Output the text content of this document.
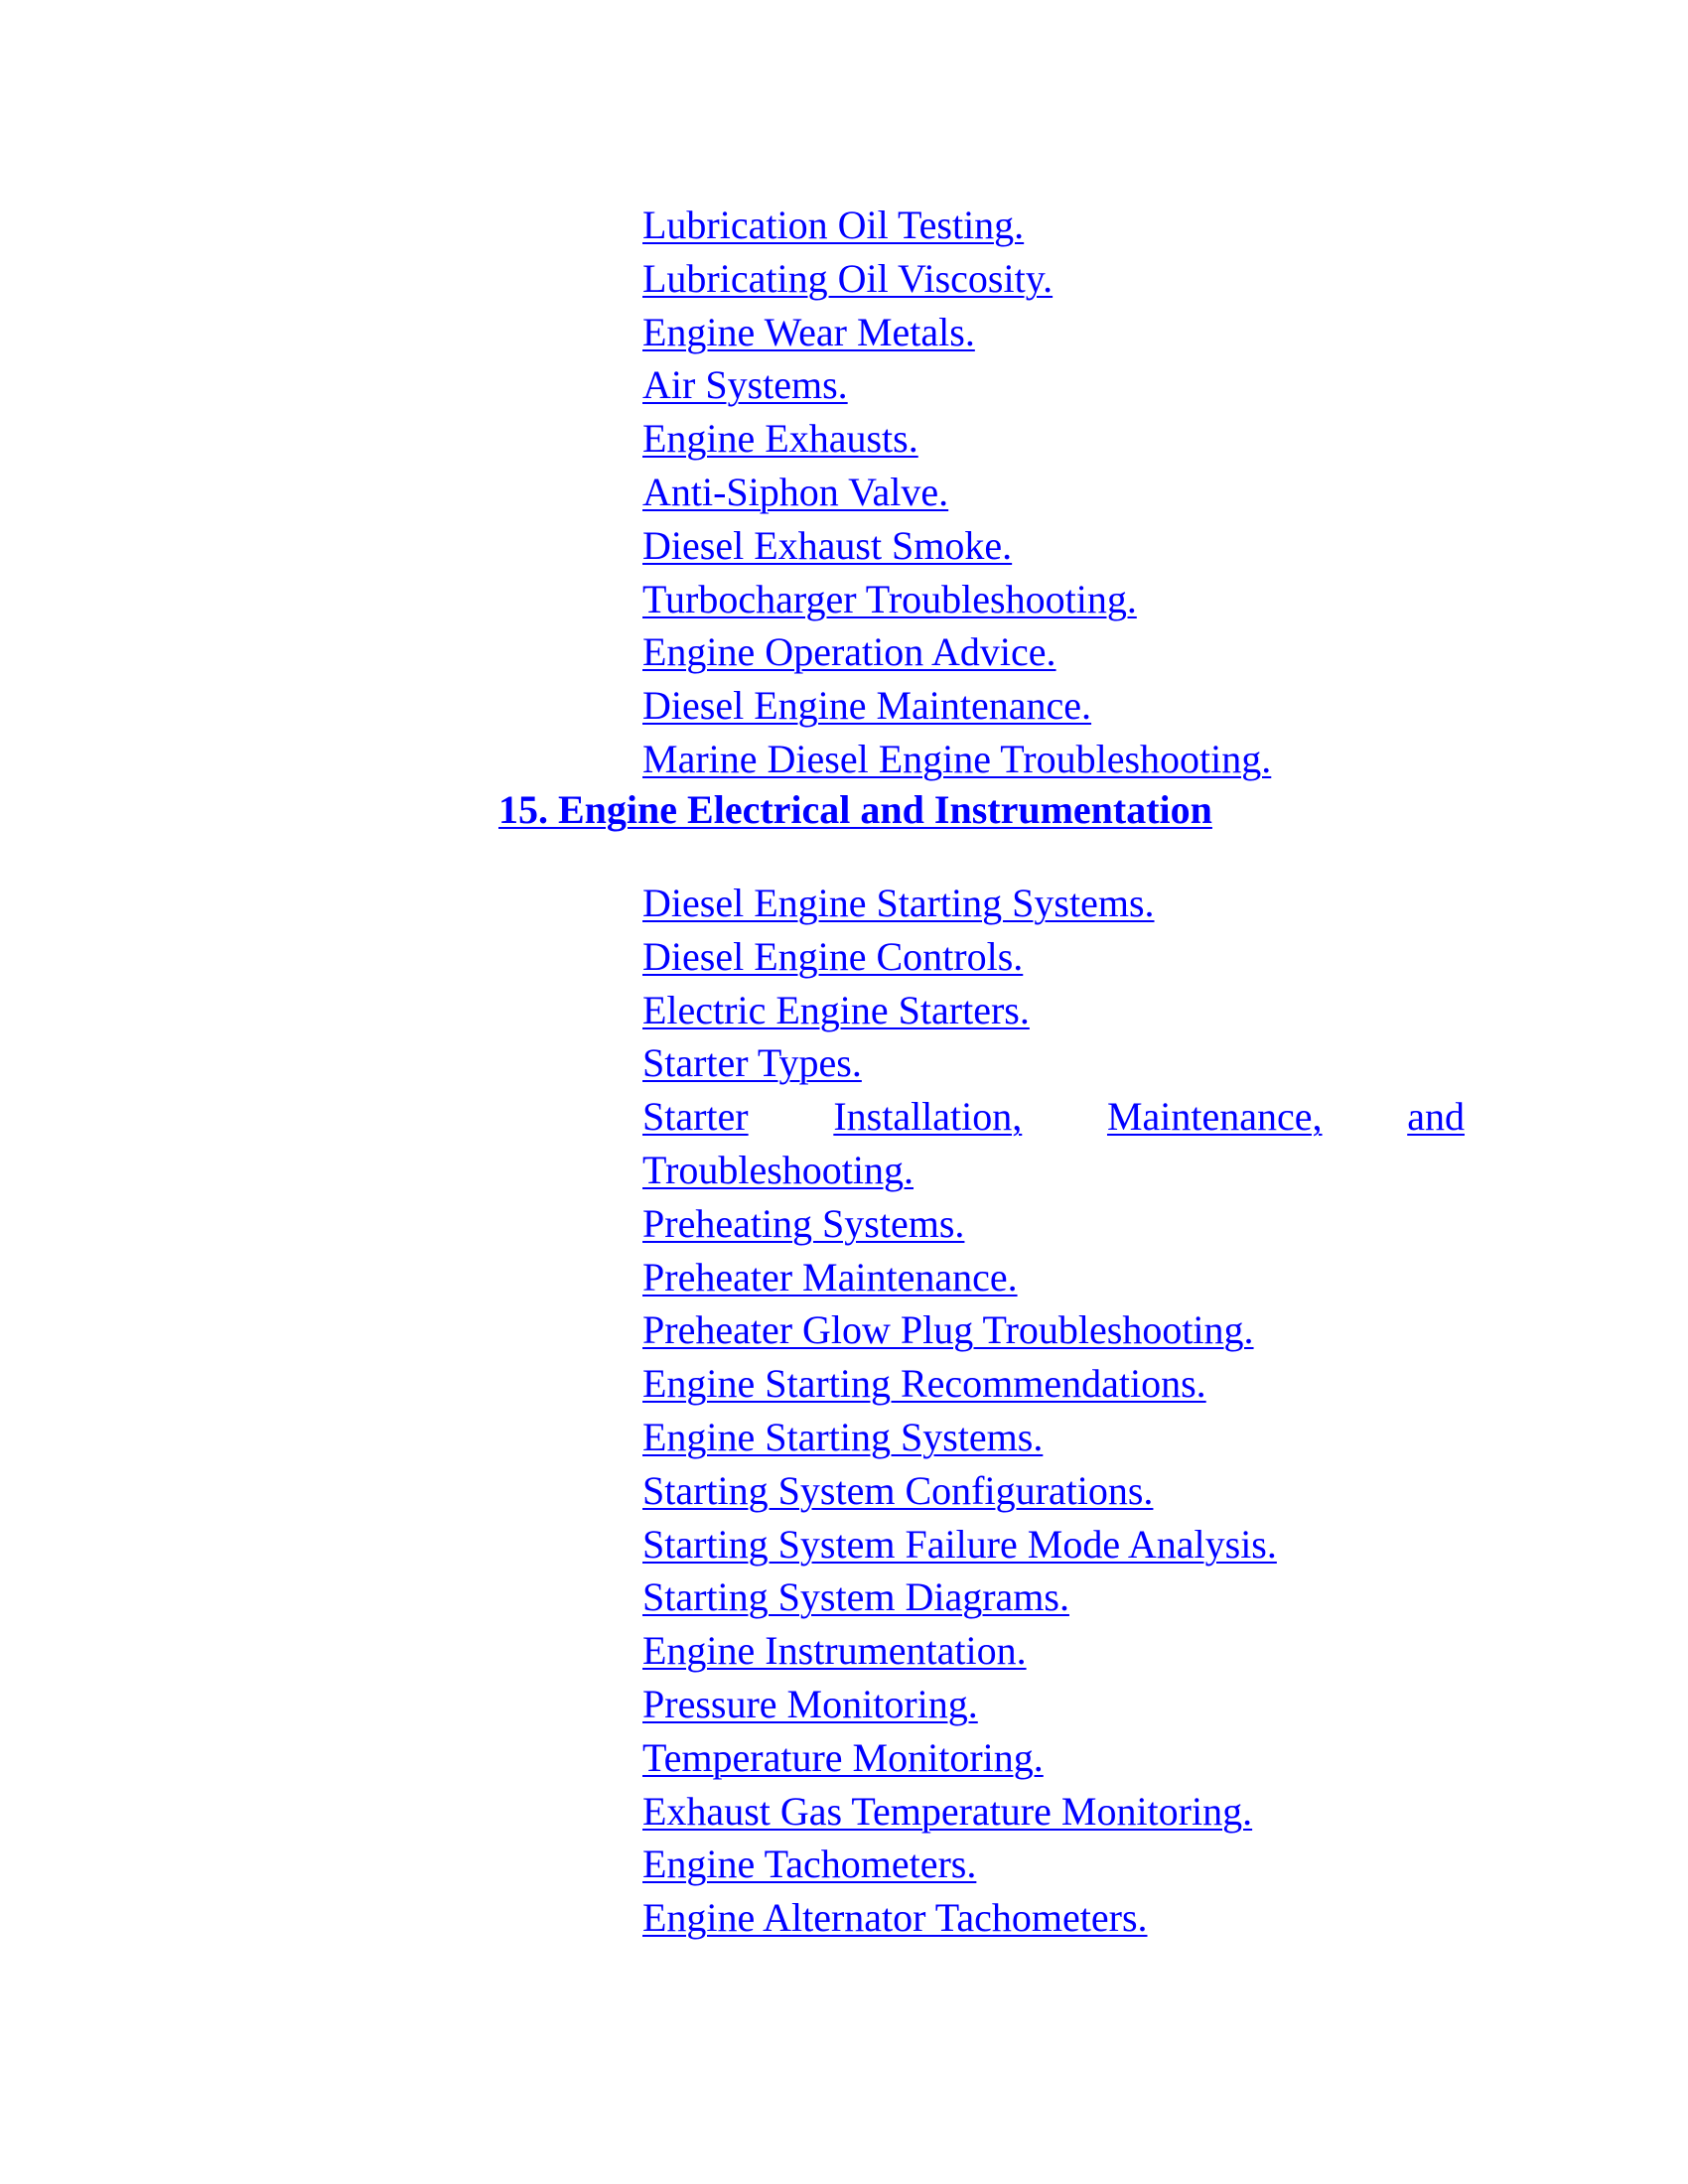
Lubrication Oil Testing.
Lubricating Oil Viscosity.
Engine Wear Metals.
Air Systems.
Engine Exhausts.
Anti-Siphon Valve.
Diesel Exhaust Smoke.
Turbocharger Troubleshooting.
Engine Operation Advice.
Diesel Engine Maintenance.
Marine Diesel Engine Troubleshooting.
15. Engine Electrical and Instrumentation
Diesel Engine Starting Systems.
Diesel Engine Controls.
Electric Engine Starters.
Starter Types.
Starter Installation, Maintenance, and
Troubleshooting.
Preheating Systems.
Preheater Maintenance.
Preheater Glow Plug Troubleshooting.
Engine Starting Recommendations.
Engine Starting Systems.
Starting System Configurations.
Starting System Failure Mode Analysis.
Starting System Diagrams.
Engine Instrumentation.
Pressure Monitoring.
Temperature Monitoring.
Exhaust Gas Temperature Monitoring.
Engine Tachometers.
Engine Alternator Tachometers.
